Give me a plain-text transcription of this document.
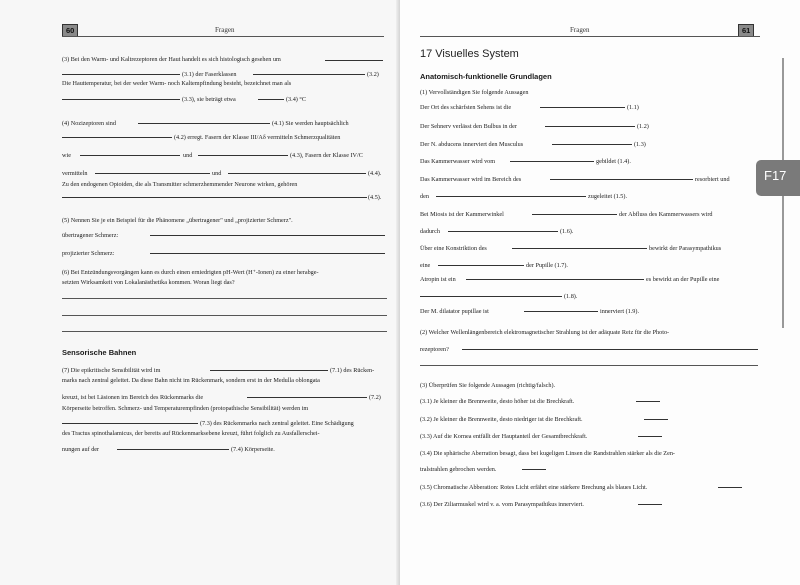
60	Fragen
(3) Bei den Warm- und Kaltrezeptoren der Haut handelt es sich histologisch gesehen um
(3.1) der Faserklassen	(3.2)
Die Hauttemperatur, bei der weder Warm- noch Kaltempfindung besteht, bezeichnet man als
(3.3), sie beträgt etwa	(3.4) °C
(4) Nozizeptoren sind	(4.1) Sie werden hauptsächlich
(4.2) erregt. Fasern der Klasse III/Aδ vermitteln Schmerzqualitäten
wie	und	(4.3), Fasern der Klasse IV/C
vermitteln	und	(4.4).
Zu den endogenen Opioiden, die als Transmitter schmerzhemmender Neurone wirken, gehören
(4.5).
(5) Nennen Sie je ein Beispiel für die Phänomene „übertragener" und „projizierter Schmerz".
übertragener Schmerz:
projizierter Schmerz:
(6) Bei Entzündungsvorgängen kann es durch einen erniedrigten pH-Wert (H⁺-Ionen) zu einer herabge-
setzten Wirksamkeit von Lokalanästhetika kommen. Woran liegt das?
Sensorische Bahnen
(7) Die epikritische Sensibilität wird im	(7.1) des Rücken-
marks nach zentral geleitet. Da diese Bahn nicht im Rückenmark, sondern erst in der Medulla oblongata
kreuzt, ist bei Läsionen im Bereich des Rückenmarks die	(7.2)
Körperseite betroffen. Schmerz- und Temperaturempfinden (protopathische Sensibilität) werden im
(7.3) des Rückenmarks nach zentral geleitet. Eine Schädigung
des Tractus spinothalamicus, der bereits auf Rückenmarksebene kreuzt, führt folglich zu Ausfallerschei-
nungen auf der	(7.4) Körperseite.
Fragen	61
17 Visuelles System
Anatomisch-funktionelle Grundlagen
(1) Vervollständigen Sie folgende Aussagen
Der Ort des schärfsten Sehens ist die	(1.1)
Der Sehnerv verlässt den Bulbus in der	(1.2)
Der N. abducens innerviert den Musculus	(1.3)
Das Kammerwasser wird vom	gebildet (1.4).
Das Kammerwasser wird im Bereich des	resorbiert und
den	zugeleitet (1.5).
Bei Miosis ist der Kammerwinkel	der Abfluss des Kammerwassers wird
dadurch	(1.6).
Über eine Konstriktion des	bewirkt der Parasympathikus
eine	der Pupille (1.7).
Atropin ist ein	es bewirkt an der Pupille eine
(1.8).
Der M. dilatator pupillae ist	innerviert (1.9).
(2) Welcher Wellenlängenbereich elektromagnetischer Strahlung ist der adäquate Reiz für die Photo-
rezeptoren?
(3) Überprüfen Sie folgende Aussagen (richtig/falsch).
(3.1) Je kleiner die Brennweite, desto höher ist die Brechkraft.
(3.2) Je kleiner die Brennweite, desto niedriger ist die Brechkraft.
(3.3) Auf die Kornea entfällt der Hauptanteil der Gesamtbrechkraft.
(3.4) Die sphärische Aberration besagt, dass bei kugeligen Linsen die Randstrahlen stärker als die Zen-
tralstrahlen gebrochen werden.
(3.5) Chromatische Abberation: Rotes Licht erfährt eine stärkere Brechung als blaues Licht.
(3.6) Der Ziliarmuskel wird v. a. vom Parasympathikus innerviert.
F17
